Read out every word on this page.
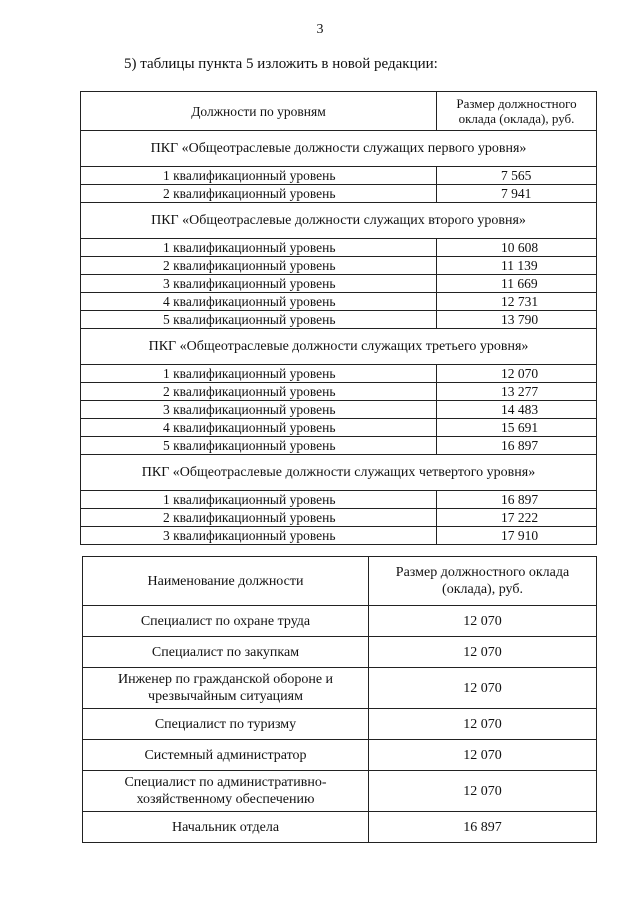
3
5) таблицы пункта 5 изложить в новой редакции:
Должности по уровням	Размер должностного
оклада (оклада), руб.
ПКГ «Общеотраслевые должности служащих первого уровня»	
1 квалификационный уровень	7 565
2 квалификационный уровень	7 941
ПКГ «Общеотраслевые должности служащих второго уровня»	
1 квалификационный уровень	10 608
2 квалификационный уровень	11 139
3 квалификационный уровень	11 669
4 квалификационный уровень	12 731
5 квалификационный уровень	13 790
ПКГ «Общеотраслевые должности служащих третьего уровня»	
1 квалификационный уровень	12 070
2 квалификационный уровень	13 277
3 квалификационный уровень	14 483
4 квалификационный уровень	15 691
5 квалификационный уровень	16 897
ПКГ «Общеотраслевые должности служащих четвертого уровня»	
1 квалификационный уровень	16 897
2 квалификационный уровень	17 222
3 квалификационный уровень	17 910
Наименование должности	Размер должностного оклада
(оклада), руб.
Специалист по охране труда	12 070
Специалист по закупкам	12 070
Инженер по гражданской обороне и
чрезвычайным ситуациям	12 070
Специалист по туризму	12 070
Системный администратор	12 070
Специалист по административно-
хозяйственному обеспечению	12 070
Начальник отдела	16 897
